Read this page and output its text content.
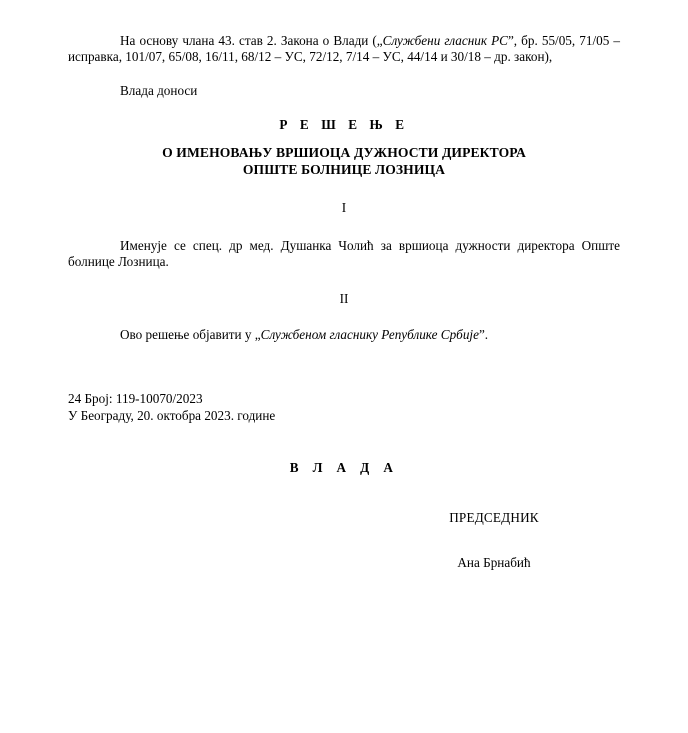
На основу члана 43. став 2. Закона о Влади („Службени гласник РС”, бр. 55/05, 71/05 – исправка, 101/07, 65/08, 16/11, 68/12 – УС, 72/12, 7/14 – УС, 44/14 и 30/18 – др. закон),

Влада доноси

Р Е Ш Е Њ Е

О ИМЕНОВАЊУ ВРШИОЦА ДУЖНОСТИ ДИРЕКТОРА

ОПШТЕ БОЛНИЦЕ ЛОЗНИЦА

I

Именује се спец. др мед. Душанка Чолић за вршиоца дужности директора Опште болнице Лозница.

II

Ово решење објавити у „Службеном гласнику Републике Србије”.

24 Број: 119-10070/2023

У Београду, 20. октобра 2023. године

В Л А Д А

ПРЕДСЕДНИК

Ана Брнабић
